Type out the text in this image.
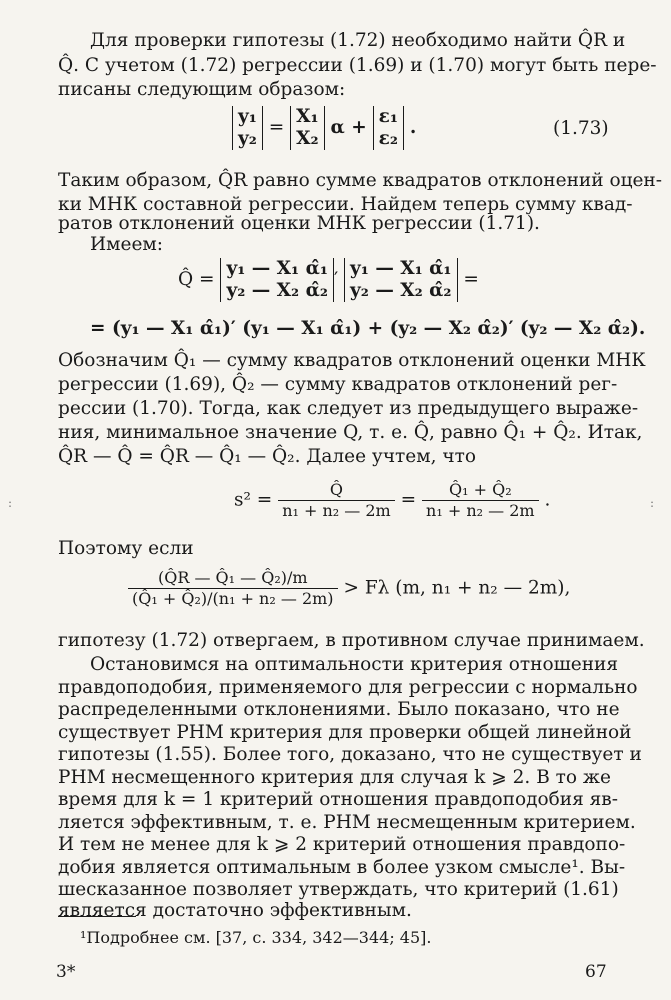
Для проверки гипотезы (1.72) необходимо найти Q̂R и

Q̂. С учетом (1.72) регрессии (1.69) и (1.70) могут быть пере-

писаны следующим образом:

y₁
y₂ = X₁
X₂ α + ε₁
ε₂ .	(1.73)

Таким образом, Q̂R равно сумме квадратов отклонений оцен-

ки МНК составной регрессии. Найдем теперь сумму квад-

ратов отклонений оценки МНК регрессии (1.71).

Имеем:

Q̂ = y₁ — X₁ α̂₁
y₂ — X₂ α̂₂′ y₁ — X₁ α̂₁
y₂ — X₂ α̂₂ =
= (y₁ — X₁ α̂₁)′ (y₁ — X₁ α̂₁) + (y₂ — X₂ α̂₂)′ (y₂ — X₂ α̂₂).

Обозначим Q̂₁ — сумму квадратов отклонений оценки МНК

регрессии (1.69), Q̂₂ — сумму квадратов отклонений рег-

рессии (1.70). Тогда, как следует из предыдущего выраже-

ния, минимальное значение Q, т. е. Q̂, равно Q̂₁ + Q̂₂. Итак,

Q̂R — Q̂ = Q̂R — Q̂₁ — Q̂₂. Далее учтем, что

$s^2 = \frac{Q̂}{\text{n₁ + n₂ — 2m}} = \frac{\text{Q̂₁ + Q̂₂}}{\text{n₁ + n₂ — 2m}}$ .

Поэтому если

$\frac{\text{(Q̂R — Q̂₁ — Q̂₂)/m}}{\text{(Q̂₁ + Q̂₂)/(n₁ + n₂ — 2m)}} > F\lambda$ (m, n₁ + n₂ — 2m),

гипотезу (1.72) отвергаем, в противном случае принимаем.

Остановимся на оптимальности критерия отношения

правдоподобия, применяемого для регрессии с нормально

распределенными отклонениями. Было показано, что не

существует РНМ критерия для проверки общей линейной

гипотезы (1.55). Более того, доказано, что не существует и

РНМ несмещенного критерия для случая k ⩾ 2. В то же

время для k = 1 критерий отношения правдоподобия яв-

ляется эффективным, т. е. РНМ несмещенным критерием.

И тем не менее для k ⩾ 2 критерий отношения правдопо-

добия является оптимальным в более узком смысле¹. Вы-

шесказанное позволяет утверждать, что критерий (1.61)

является достаточно эффективным.

¹Подробнее см. [37, с. 334, 342—344; 45].
3*	67
:	:
